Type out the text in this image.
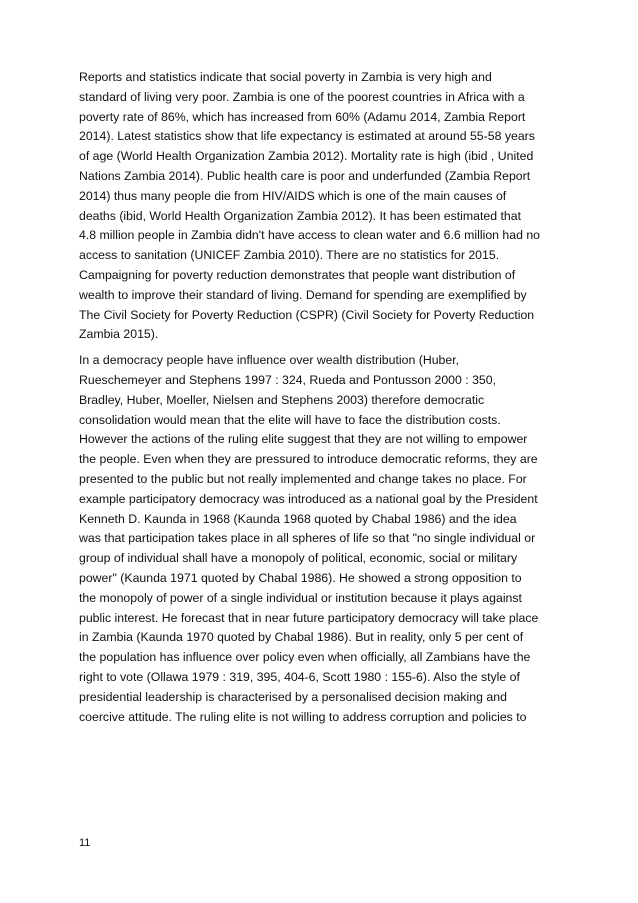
Reports and statistics indicate that social poverty in Zambia is very high and
standard of living very poor. Zambia is one of the poorest countries in Africa with a
poverty rate of 86%, which has increased from 60% (Adamu 2014, Zambia Report
2014). Latest statistics show that life expectancy is estimated at around 55-58 years
of age (World Health Organization Zambia 2012). Mortality rate is high (ibid , United
Nations Zambia 2014). Public health care is poor and underfunded (Zambia Report
2014) thus many people die from HIV/AIDS which is one of the main causes of
deaths (ibid, World Health Organization Zambia 2012). It has been estimated that
4.8 million people in Zambia didn't have access to clean water and 6.6 million had no
access to sanitation (UNICEF Zambia 2010). There are no statistics for 2015.
Campaigning for poverty reduction demonstrates that people want distribution of
wealth to improve their standard of living. Demand for spending are exemplified by
The Civil Society for Poverty Reduction (CSPR) (Civil Society for Poverty Reduction
Zambia 2015).

In a democracy people have influence over wealth distribution (Huber,
Rueschemeyer and Stephens 1997 : 324, Rueda and Pontusson 2000 : 350,
Bradley, Huber, Moeller, Nielsen and Stephens 2003) therefore democratic
consolidation would mean that the elite will have to face the distribution costs.
However the actions of the ruling elite suggest that they are not willing to empower
the people. Even when they are pressured to introduce democratic reforms, they are
presented to the public but not really implemented and change takes no place. For
example participatory democracy was introduced as a national goal by the President
Kenneth D. Kaunda in 1968 (Kaunda 1968 quoted by Chabal 1986) and the idea
was that participation takes place in all spheres of life so that "no single individual or
group of individual shall have a monopoly of political, economic, social or military
power" (Kaunda 1971 quoted by Chabal 1986). He showed a strong opposition to
the monopoly of power of a single individual or institution because it plays against
public interest. He forecast that in near future participatory democracy will take place
in Zambia (Kaunda 1970 quoted by Chabal 1986). But in reality, only 5 per cent of
the population has influence over policy even when officially, all Zambians have the
right to vote (Ollawa 1979 : 319, 395, 404-6, Scott 1980 : 155-6). Also the style of
presidential leadership is characterised by a personalised decision making and
coercive attitude. The ruling elite is not willing to address corruption and policies to

11
